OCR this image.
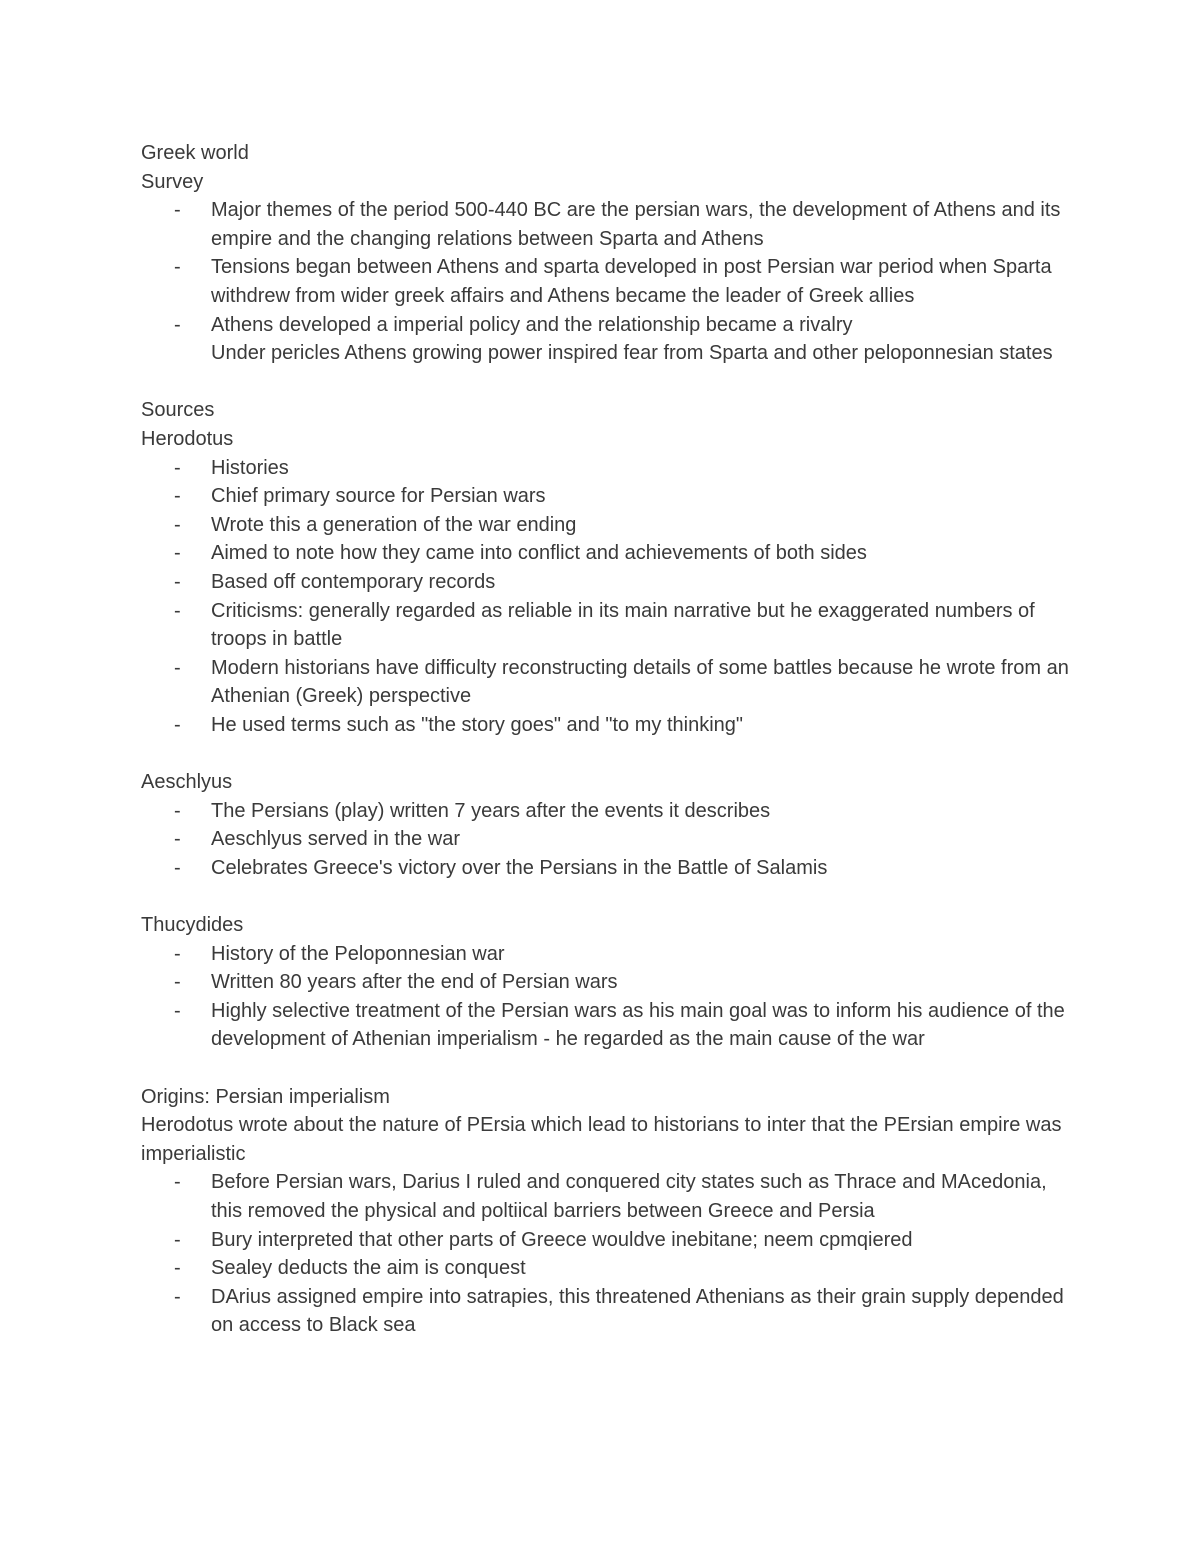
Greek world

Survey

- Major themes of the period 500-440 BC are the persian wars, the development of Athens and its empire and the changing relations between Sparta and Athens
- Tensions began between Athens and sparta developed in post Persian war period when Sparta withdrew from wider greek affairs and Athens became the leader of Greek allies
- Athens developed a imperial policy and the relationship became a rivalry

Under pericles Athens growing power inspired fear from Sparta and other peloponnesian states

Sources

Herodotus

- Histories
- Chief primary source for Persian wars
- Wrote this a generation of the war ending
- Aimed to note how they came into conflict and achievements of both sides
- Based off contemporary records
- Criticisms: generally regarded as reliable in its main narrative but he exaggerated numbers of troops in battle
- Modern historians have difficulty reconstructing details of some battles because he wrote from an Athenian (Greek) perspective
- He used terms such as "the story goes" and "to my thinking"

Aeschlyus

- The Persians (play) written 7 years after the events it describes
- Aeschlyus served in the war
- Celebrates Greece's victory over the Persians in the Battle of Salamis

Thucydides

- History of the Peloponnesian war
- Written 80 years after the end of Persian wars
- Highly selective treatment of the Persian wars as his main goal was to inform his audience of the development of Athenian imperialism - he regarded as the main cause of the war

Origins: Persian imperialism

Herodotus wrote about the nature of PErsia which lead to historians to inter that the PErsian empire was imperialistic

- Before Persian wars, Darius I ruled and conquered city states such as Thrace and MAcedonia, this removed the physical and poltiical barriers between Greece and Persia
- Bury interpreted that other parts of Greece wouldve inebitane; neem cpmqiered
- Sealey deducts the aim is conquest
- DArius assigned empire into satrapies, this threatened Athenians as their grain supply depended on access to Black sea
